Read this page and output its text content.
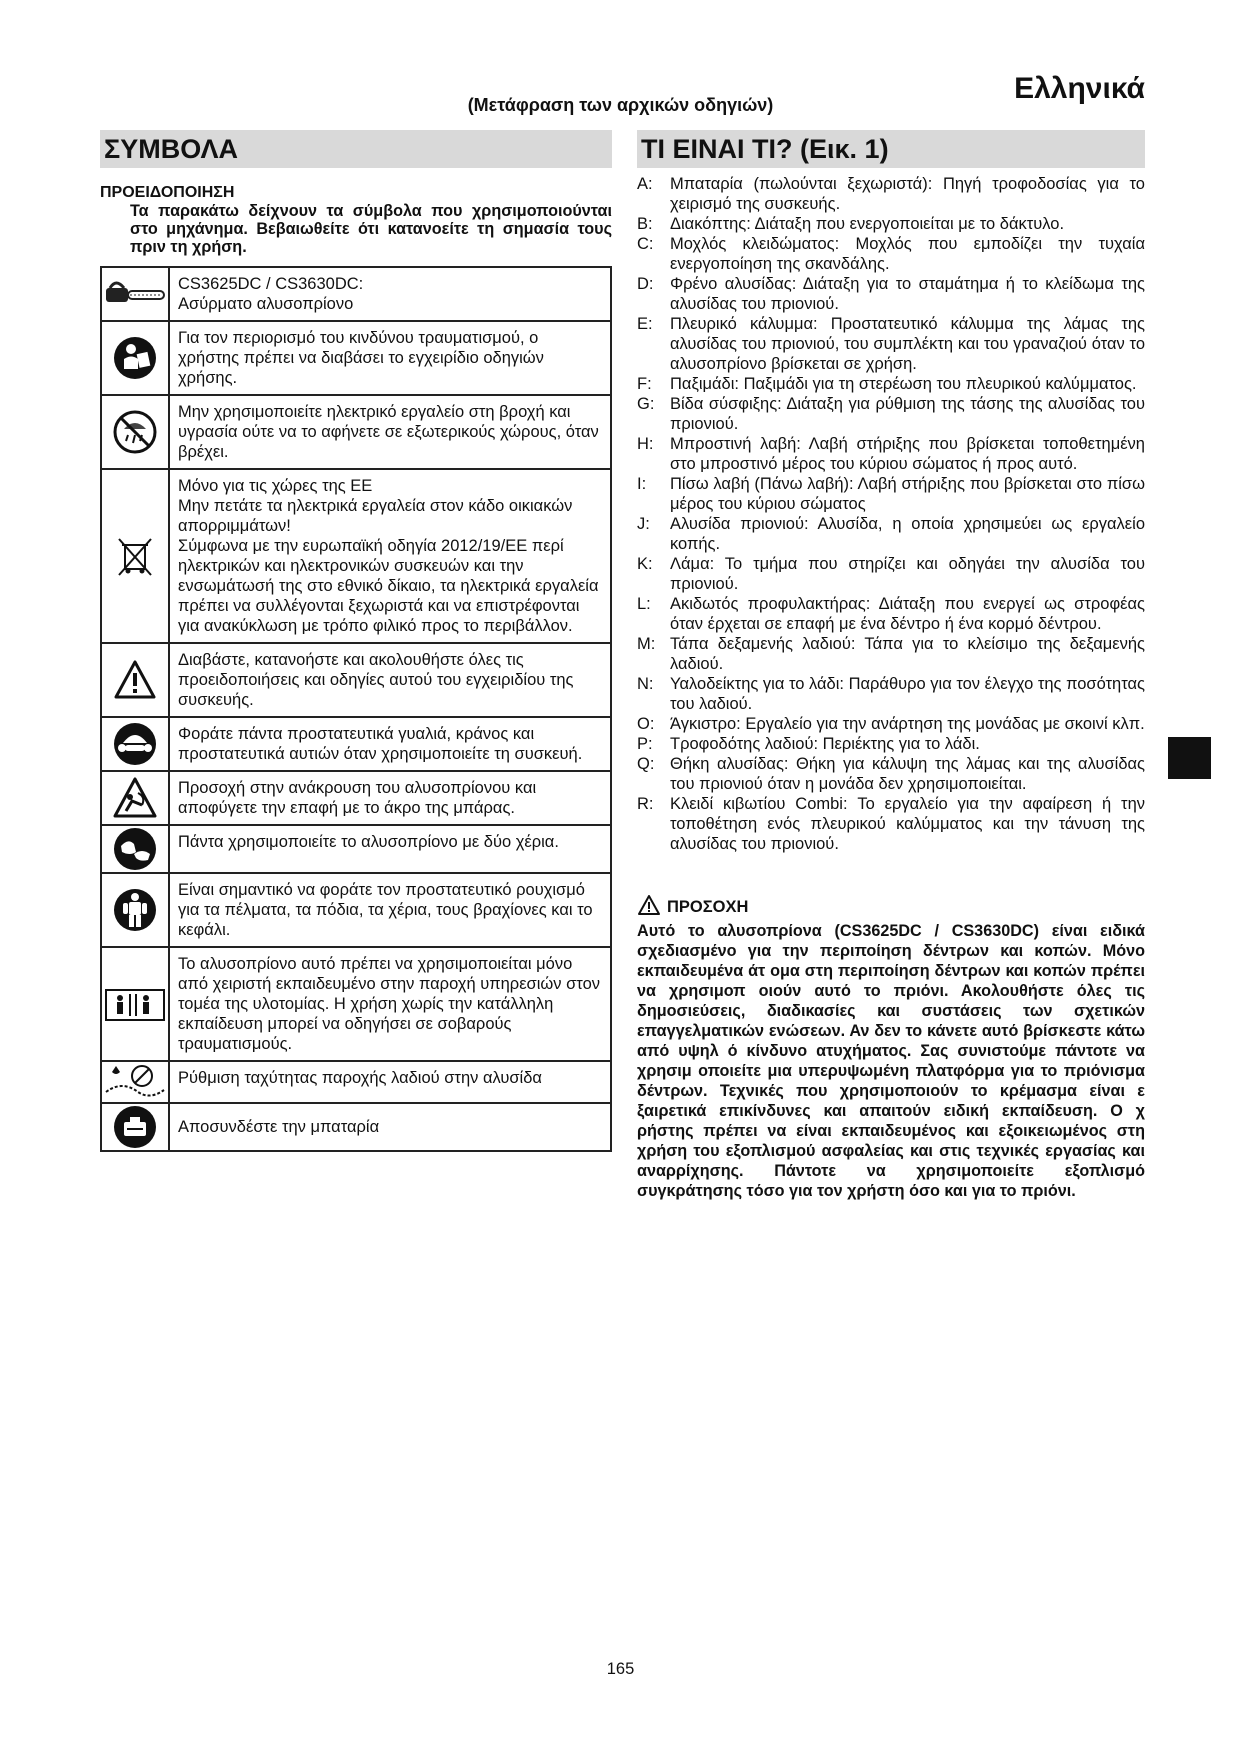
Ελληνικά
(Μετάφραση των αρχικών οδηγιών)
ΣΥΜΒΟΛΑ
ΠΡΟΕΙΔΟΠΟΙΗΣΗ
Τα παρακάτω δείχνουν τα σύμβολα που χρησιμοποιούνται στο μηχάνημα. Βεβαιωθείτε ότι κατανοείτε τη σημασία τους πριν τη χρήση.

CS3625DC / CS3630DC:
Ασύρματο αλυσοπρίονο

Για τον περιορισμό του κινδύνου τραυματισμού, ο χρήστης πρέπει να διαβάσει το εγχειρίδιο οδηγιών χρήσης.

Μην χρησιμοποιείτε ηλεκτρικό εργαλείο στη βροχή και υγρασία ούτε να το αφήνετε σε εξωτερικούς χώρους, όταν βρέχει.

Μόνο για τις χώρες της ΕΕ
Μην πετάτε τα ηλεκτρικά εργαλεία στον κάδο οικιακών απορριμμάτων!
Σύμφωνα με την ευρωπαϊκή οδηγία 2012/19/ΕΕ περί ηλεκτρικών και ηλεκτρονικών συσκευών και την ενσωμάτωσή της στο εθνικό δίκαιο, τα ηλεκτρικά εργαλεία πρέπει να συλλέγονται ξεχωριστά και να επιστρέφονται για ανακύκλωση με τρόπο φιλικό προς το περιβάλλον.

Διαβάστε, κατανοήστε και ακολουθήστε όλες τις προειδοποιήσεις και οδηγίες αυτού του εγχειριδίου της συσκευής.

Φοράτε πάντα προστατευτικά γυαλιά, κράνος και προστατευτικά αυτιών όταν χρησιμοποιείτε τη συσκευή.

Προσοχή στην ανάκρουση του αλυσοπρίονου και αποφύγετε την επαφή με το άκρο της μπάρας.

Πάντα χρησιμοποιείτε το αλυσοπρίονο με δύο χέρια.

Είναι σημαντικό να φοράτε τον προστατευτικό ρουχισμό για τα πέλματα, τα πόδια, τα χέρια, τους βραχίονες και το κεφάλι.

Το αλυσοπρίονο αυτό πρέπει να χρησιμοποιείται μόνο από χειριστή εκπαιδευμένο στην παροχή υπηρεσιών στον τομέα της υλοτομίας. Η χρήση χωρίς την κατάλληλη εκπαίδευση μπορεί να οδηγήσει σε σοβαρούς τραυματισμούς.

Ρύθμιση ταχύτητας παροχής λαδιού στην αλυσίδα

Αποσυνδέστε την μπαταρία
ΤΙ ΕΙΝΑΙ ΤΙ? (Εικ. 1)
A: Μπαταρία (πωλούνται ξεχωριστά): Πηγή τροφοδοσίας για το χειρισμό της συσκευής.
B: Διακόπτης: Διάταξη που ενεργοποιείται με το δάκτυλο.
C: Μοχλός κλειδώματος: Μοχλός που εμποδίζει την τυχαία ενεργοποίηση της σκανδάλης.
D: Φρένο αλυσίδας: Διάταξη για το σταμάτημα ή το κλείδωμα της αλυσίδας του πριονιού.
E: Πλευρικό κάλυμμα: Προστατευτικό κάλυμμα της λάμας της αλυσίδας του πριονιού, του συμπλέκτη και του γραναζιού όταν το αλυσοπρίονο βρίσκεται σε χρήση.
F: Παξιμάδι: Παξιμάδι για τη στερέωση του πλευρικού καλύμματος.
G: Βίδα σύσφιξης: Διάταξη για ρύθμιση της τάσης της αλυσίδας του πριονιού.
H: Μπροστινή λαβή: Λαβή στήριξης που βρίσκεται τοποθετημένη στο μπροστινό μέρος του κύριου σώματος ή προς αυτό.
I: Πίσω λαβή (Πάνω λαβή): Λαβή στήριξης που βρίσκεται στο πίσω μέρος του κύριου σώματος
J: Αλυσίδα πριονιού: Αλυσίδα, η οποία χρησιμεύει ως εργαλείο κοπής.
K: Λάμα: Το τμήμα που στηρίζει και οδηγάει την αλυσίδα του πριονιού.
L: Ακιδωτός προφυλακτήρας: Διάταξη που ενεργεί ως στροφέας όταν έρχεται σε επαφή με ένα δέντρο ή ένα κορμό δέντρου.
M: Τάπα δεξαμενής λαδιού: Τάπα για το κλείσιμο της δεξαμενής λαδιού.
N: Υαλοδείκτης για το λάδι: Παράθυρο για τον έλεγχο της ποσότητας του λαδιού.
O: Άγκιστρο: Εργαλείο για την ανάρτηση της μονάδας με σκοινί κλπ.
P: Τροφοδότης λαδιού: Περιέκτης για το λάδι.
Q: Θήκη αλυσίδας: Θήκη για κάλυψη της λάμας και της αλυσίδας του πριονιού όταν η μονάδα δεν χρησιμοποιείται.
R: Κλειδί κιβωτίου Combi: Το εργαλείο για την αφαίρεση ή την τοποθέτηση ενός πλευρικού καλύμματος και την τάνυση της αλυσίδας του πριονιού.
ΠΡΟΣΟΧΗ
Αυτό το αλυσοπρίονα (CS3625DC / CS3630DC) είναι ειδικά σχεδιασμένο για την περιποίηση δέντρων και κοπών. Μόνο εκπαιδευμένα άτ ομα στη περιποίηση δέντρων και κοπών πρέπει να χρησιμοπ οιούν αυτό το πριόνι. Ακολουθήστε όλες τις δημοσιεύσεις, διαδικασίες και συστάσεις των σχετικών επαγγελματικών ενώσεων. Αν δεν το κάνετε αυτό βρίσκεστε κάτω από υψηλ ό κίνδυνο ατυχήματος. Σας συνιστούμε πάντοτε να χρησιμ οποιείτε μια υπερυψωμένη πλατφόρμα για το πριόνισμα δέντρων. Τεχνικές που χρησιμοποιούν το κρέμασμα είναι ε ξαιρετικά επικίνδυνες και απαιτούν ειδική εκπαίδευση. Ο χ ρήστης πρέπει να είναι εκπαιδευμένος και εξοικειωμένος στη χρήση του εξοπλισμού ασφαλείας και στις τεχνικές εργασίας και αναρρίχησης. Πάντοτε να χρησιμοποιείτε εξοπλισμό συγκράτησης τόσο για τον χρήστη όσο και για το πριόνι.
165
